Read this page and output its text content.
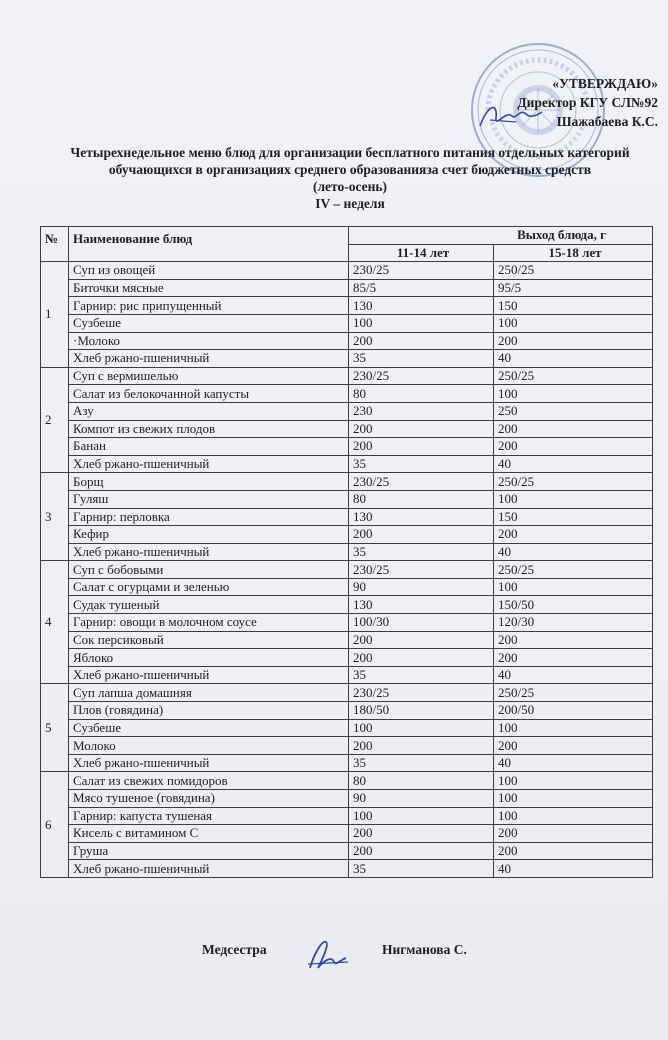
«УТВЕРЖДАЮ»
Директор КГУ СЛ№92
Шажабаева К.С.
Четырехнедельное меню блюд для организации бесплатного питания отдельных категорий
обучающихся в организациях среднего образованияза счет бюджетных средств
(лето-осень)
IV – неделя
№	Наименование блюд	Выход блюда, г	
		11-14 лет	15-18 лет
1	Суп из овощей	230/25	250/25
	Биточки мясные	85/5	95/5
	Гарнир: рис припущенный	130	150
	Сузбеше	100	100
	·Молоко	200	200
	Хлеб ржано-пшеничный	35	40
2	Суп с вермишелью	230/25	250/25
	Салат из белокочанной капусты	80	100
	Азу	230	250
	Компот из свежих плодов	200	200
	Банан	200	200
	Хлеб ржано-пшеничный	35	40
3	Борщ	230/25	250/25
	Гуляш	80	100
	Гарнир: перловка	130	150
	Кефир	200	200
	Хлеб ржано-пшеничный	35	40
4	Суп с бобовыми	230/25	250/25
	Салат с огурцами и зеленью	90	100
	Судак тушеный	130	150/50
	Гарнир: овощи в молочном соусе	100/30	120/30
	Сок персиковый	200	200
	Яблоко	200	200
	Хлеб ржано-пшеничный	35	40
5	Суп лапша домашняя	230/25	250/25
	Плов (говядина)	180/50	200/50
	Сузбеше	100	100
	Молоко	200	200
	Хлеб ржано-пшеничный	35	40
6	Салат из свежих помидоров	80	100
	Мясо тушеное (говядина)	90	100
	Гарнир: капуста тушеная	100	100
	Кисель с витамином С	200	200
	Груша	200	200
	Хлеб ржано-пшеничный	35	40
Медсестра	Нигманова С.
